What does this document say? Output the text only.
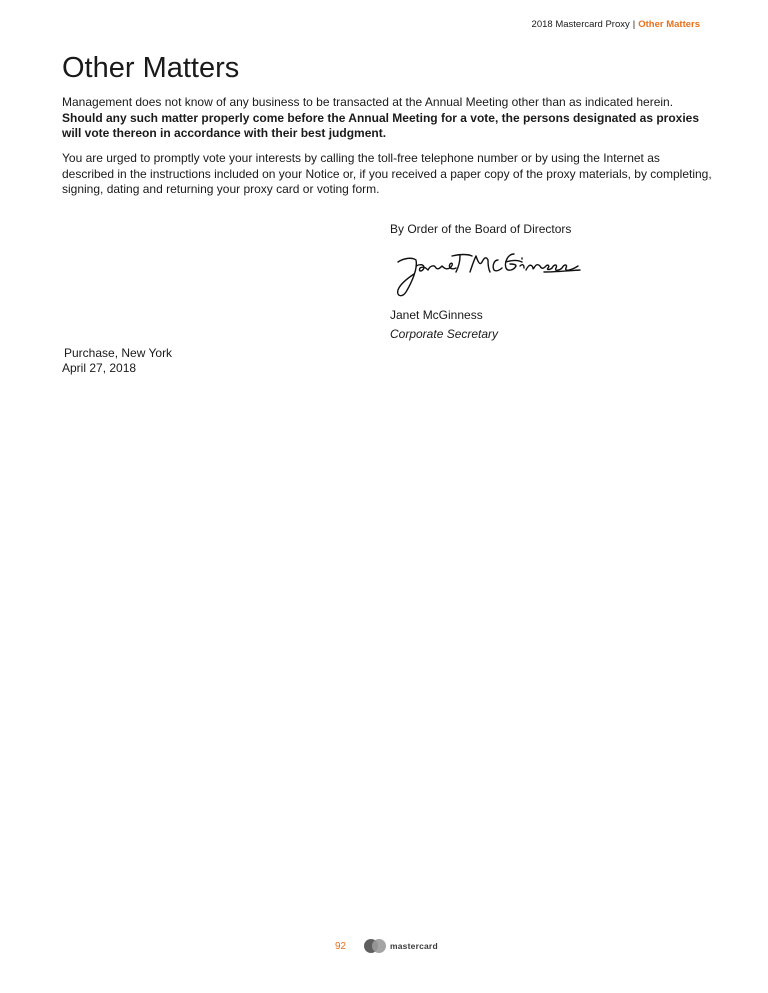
2018 Mastercard Proxy | Other Matters
Other Matters

Management does not know of any business to be transacted at the Annual Meeting other than as indicated herein.  Should any such matter properly come before the Annual Meeting for a vote, the persons designated as proxies will vote thereon in accordance with their best judgment.

You are urged to promptly vote your interests by calling the toll-free telephone number or by using the Internet as described in the instructions included on your Notice or, if you received a paper copy of the proxy materials, by completing, signing, dating and returning your proxy card or voting form.

By Order of the Board of Directors
Janet McGinness
Corporate Secretary
Purchase, New York
April 27, 2018
92	mastercard
